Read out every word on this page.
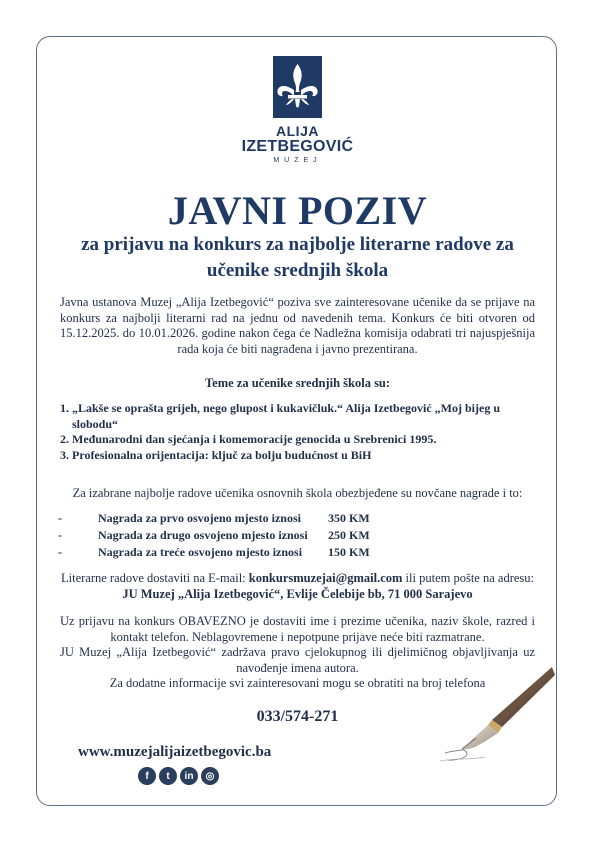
ALIJA
IZETBEGOVIĆ
MUZEJ
JAVNI POZIV
za prijavu na konkurs za najbolje literarne radove za učenike srednjih škola
Javna ustanova Muzej „Alija Izetbegović“ poziva sve zainteresovane učenike da se prijave na konkurs za najbolji literarni rad na jednu od navedenih tema. Konkurs će biti otvoren od 15.12.2025. do 10.01.2026. godine nakon čega će Nadležna komisija odabrati tri najuspješnija rada koja će biti nagrađena i javno prezentirana.
Teme za učenike srednjih škola su:
1. „Lakše se oprašta grijeh, nego glupost i kukavičluk.“ Alija Izetbegović „Moj bijeg u slobodu“
2. Međunarodni dan sjećanja i komemoracije genocida u Srebrenici 1995.
3. Profesionalna orijentacija: ključ za bolju budućnost u BiH
Za izabrane najbolje radove učenika osnovnih škola obezbjeđene su novčane nagrade i to:
-	Nagrada za prvo osvojeno mjesto iznosi	350 KM
-	Nagrada za drugo osvojeno mjesto iznosi	250 KM
-	Nagrada za treće osvojeno mjesto iznosi	150 KM
Literarne radove dostaviti na E-mail: konkursmuzejai@gmail.com ili putem pošte na adresu: JU Muzej „Alija Izetbegović“, Evlije Čelebije bb, 71 000 Sarajevo
Uz prijavu na konkurs OBAVEZNO je dostaviti ime i prezime učenika, naziv škole, razred i kontakt telefon. Neblagovremene i nepotpune prijave neće biti razmatrane.
JU Muzej „Alija Izetbegović“ zadržava pravo cjelokupnog ili djelimičnog objavljivanja uz navođenje imena autora.
Za dodatne informacije svi zainteresovani mogu se obratiti na broj telefona
033/574-271
www.muzejalijaizetbegovic.ba
f	t	in	◎
